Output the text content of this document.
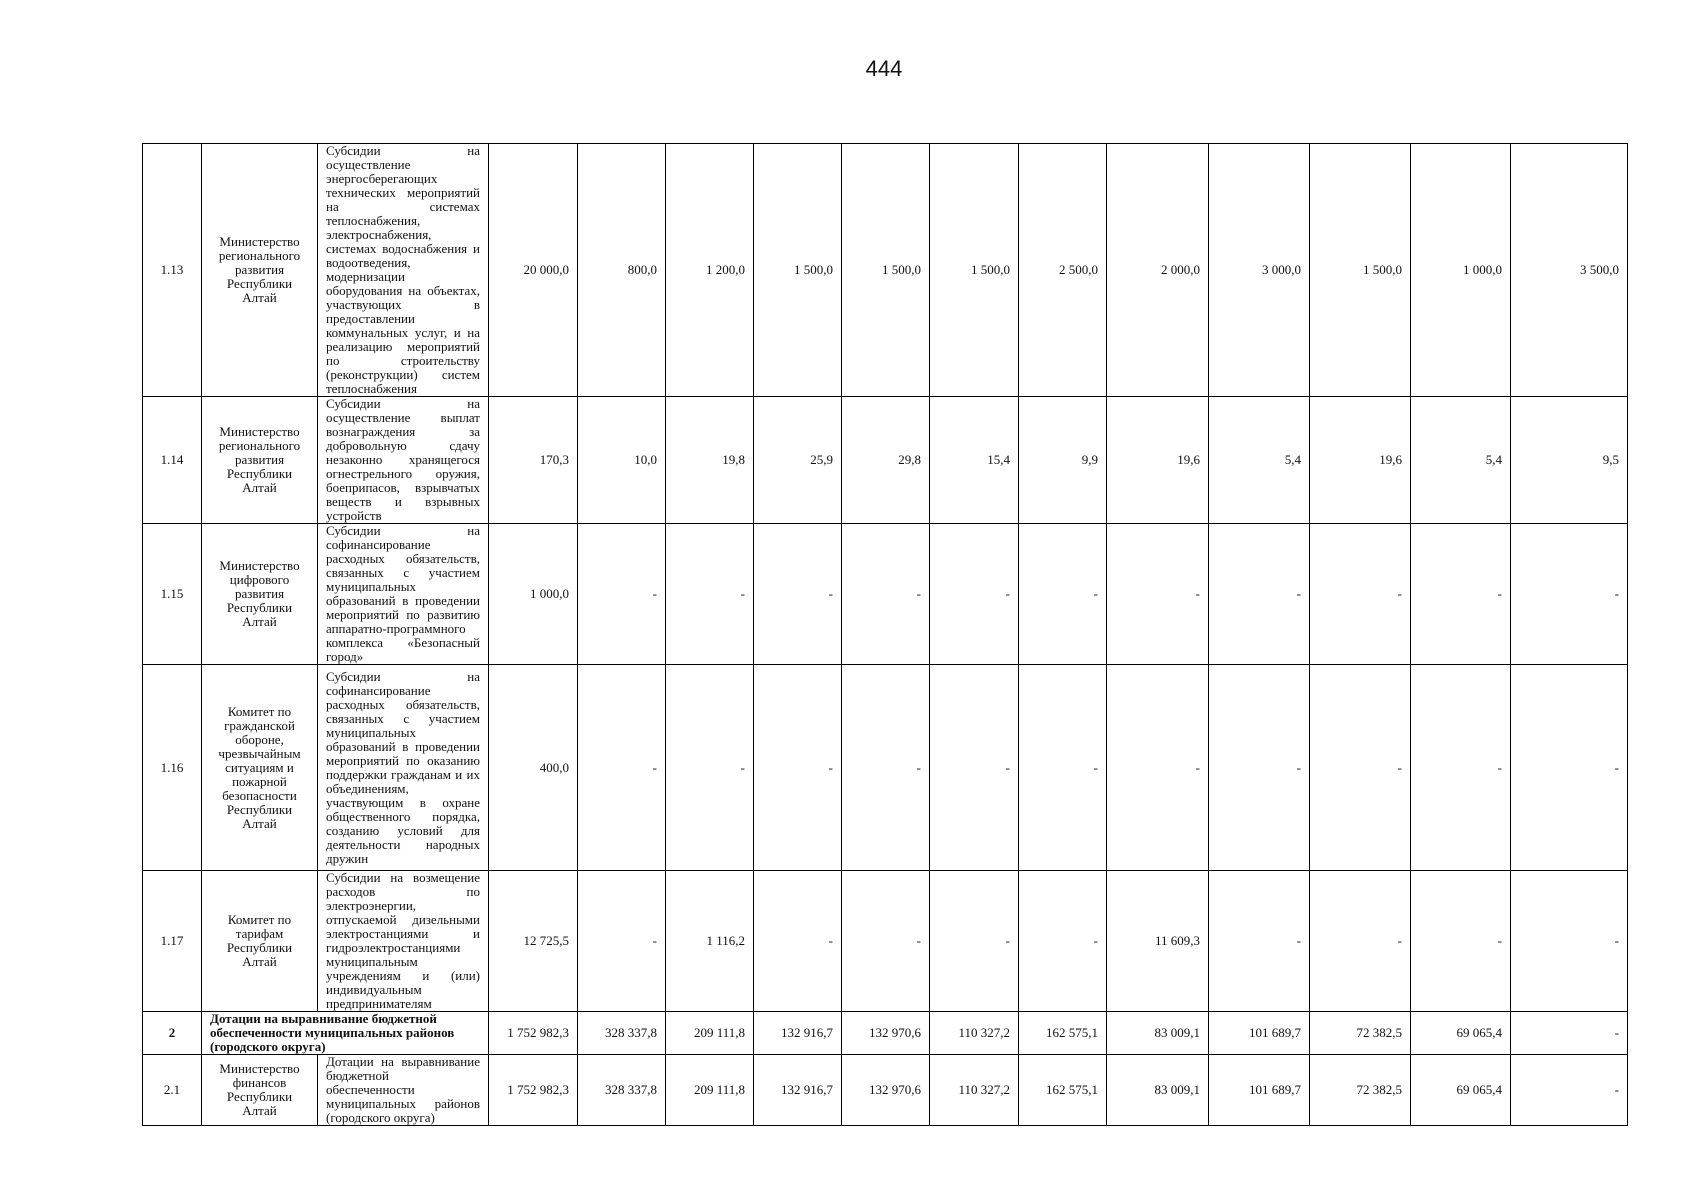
444
1.13	Министерство регионального развития Республики Алтай	Субсидии на осуществление энергосберегающих технических мероприятий на системах теплоснабжения, электроснабжения, системах водоснабжения и водоотведения, модернизации оборудования на объектах, участвующих в предоставлении коммунальных услуг, и на реализацию мероприятий по строительству (реконструкции) систем теплоснабжения	20 000,0	800,0	1 200,0	1 500,0	1 500,0	1 500,0	2 500,0	2 000,0	3 000,0	1 500,0	1 000,0	3 500,0
1.14	Министерство регионального развития Республики Алтай	Субсидии на осуществление выплат вознаграждения за добровольную сдачу незаконно хранящегося огнестрельного оружия, боеприпасов, взрывчатых веществ и взрывных устройств	170,3	10,0	19,8	25,9	29,8	15,4	9,9	19,6	5,4	19,6	5,4	9,5
1.15	Министерство цифрового развития Республики Алтай	Субсидии на софинансирование расходных обязательств, связанных с участием муниципальных образований в проведении мероприятий по развитию аппаратно-программного комплекса «Безопасный город»	1 000,0	-	-	-	-	-	-	-	-	-	-	-
1.16	Комитет по гражданской обороне, чрезвычайным ситуациям и пожарной безопасности Республики Алтай	Субсидии на софинансирование расходных обязательств, связанных с участием муниципальных образований в проведении мероприятий по оказанию поддержки гражданам и их объединениям, участвующим в охране общественного порядка, созданию условий для деятельности народных дружин	400,0	-	-	-	-	-	-	-	-	-	-	-
1.17	Комитет по тарифам Республики Алтай	Субсидии на возмещение расходов по электроэнергии, отпускаемой дизельными электростанциями и гидроэлектростанциями муниципальным учреждениям и (или) индивидуальным предпринимателям	12 725,5	-	1 116,2	-	-	-	-	11 609,3	-	-	-	-
2	Дотации на выравнивание бюджетной обеспеченности муниципальных районов (городского округа)		1 752 982,3	328 337,8	209 111,8	132 916,7	132 970,6	110 327,2	162 575,1	83 009,1	101 689,7	72 382,5	69 065,4	-
2.1	Министерство финансов Республики Алтай	Дотации на выравнивание бюджетной обеспеченности муниципальных районов (городского округа)	1 752 982,3	328 337,8	209 111,8	132 916,7	132 970,6	110 327,2	162 575,1	83 009,1	101 689,7	72 382,5	69 065,4	-
